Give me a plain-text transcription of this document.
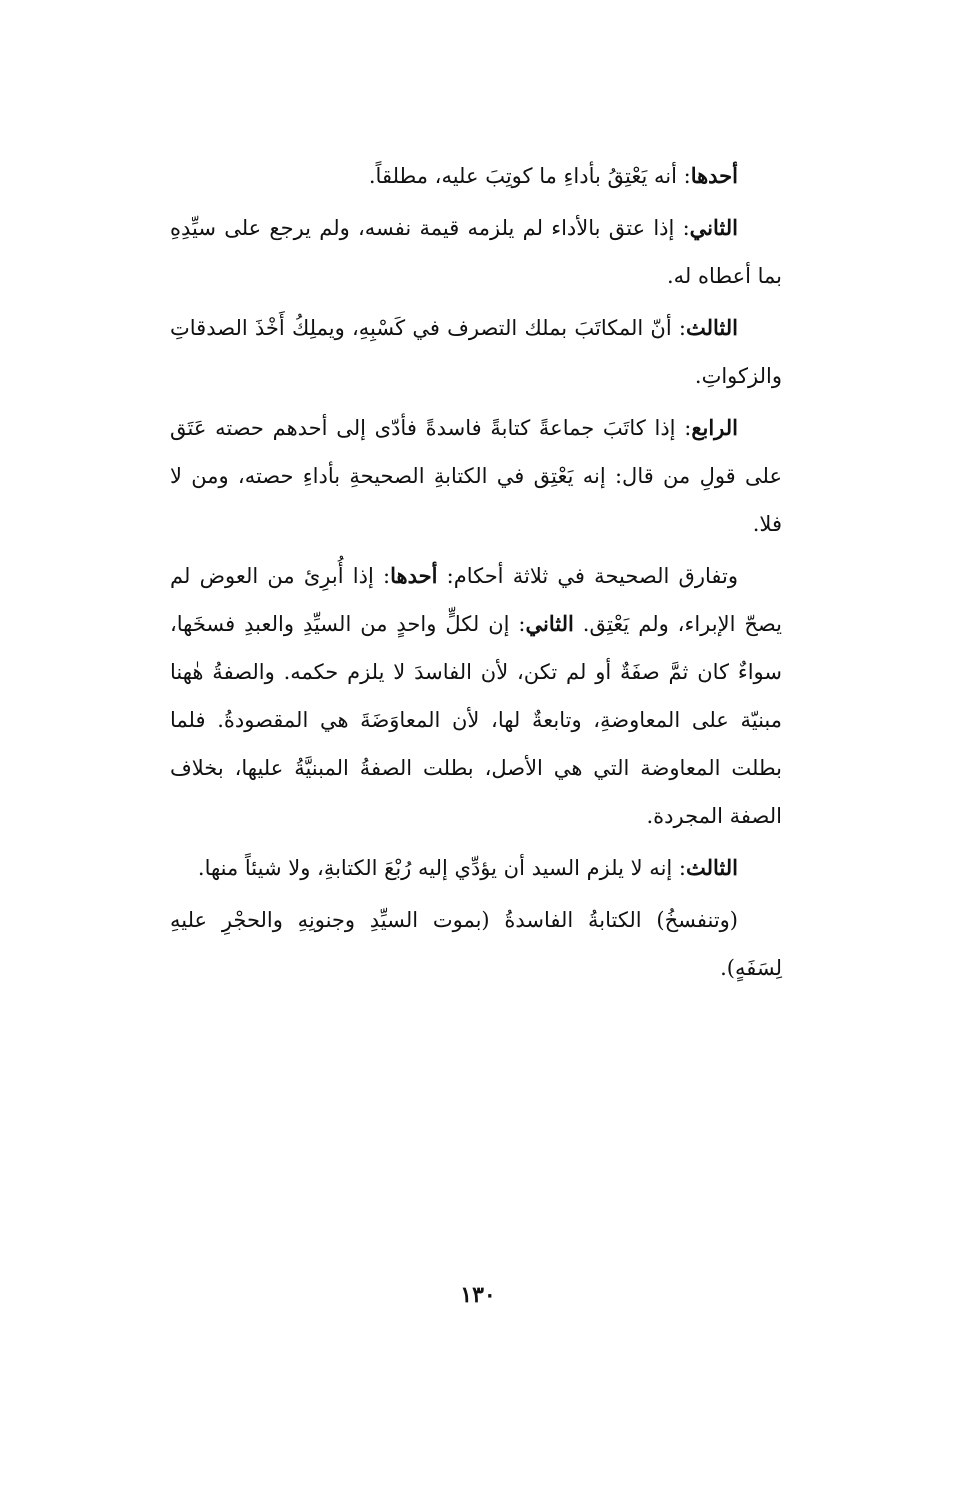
أحدها: أنه يَعْتِقُ بأداءِ ما كوتِبَ عليه، مطلقاً.

الثاني: إذا عتق بالأداء لم يلزمه قيمة نفسه، ولم يرجع على سيِّدِهِ بما أعطاه له.

الثالث: أنّ المكاتَبَ بملك التصرف في كَسْبِهِ، ويملِكُ أَخْذَ الصدقاتِ والزكواتِ.

الرابع: إذا كاتَبَ جماعةً كتابةً فاسدةً فأدّى إلى أحدهم حصته عَتَق على قولِ من قال: إنه يَعْتِق في الكتابةِ الصحيحةِ بأداءِ حصته، ومن لا فلا.

وتفارق الصحيحة في ثلاثة أحكام: أحدها: إذا أُبرِئ من العوض لم يصحّ الإبراء، ولم يَعْتِق. الثاني: إن لكلٍّ واحدٍ من السيِّدِ والعبدِ فسخَها، سواءٌ كان ثمَّ صفَةٌ أو لم تكن، لأن الفاسدَ لا يلزم حكمه. والصفةُ هٰهنا مبنيّة على المعاوضةِ، وتابعةٌ لها، لأن المعاوَضَةَ هي المقصودةُ. فلما بطلت المعاوضة التي هي الأصل، بطلت الصفةُ المبنيَّةُ عليها، بخلاف الصفة المجردة.

الثالث: إنه لا يلزم السيد أن يؤدِّي إليه رُبْعَ الكتابةِ، ولا شيئاً منها.

(وتنفسخُ) الكتابةُ الفاسدةُ (بموت السيِّدِ وجنونِهِ والحجْرِ عليهِ لِسَفَهٍ).

١٣٠
